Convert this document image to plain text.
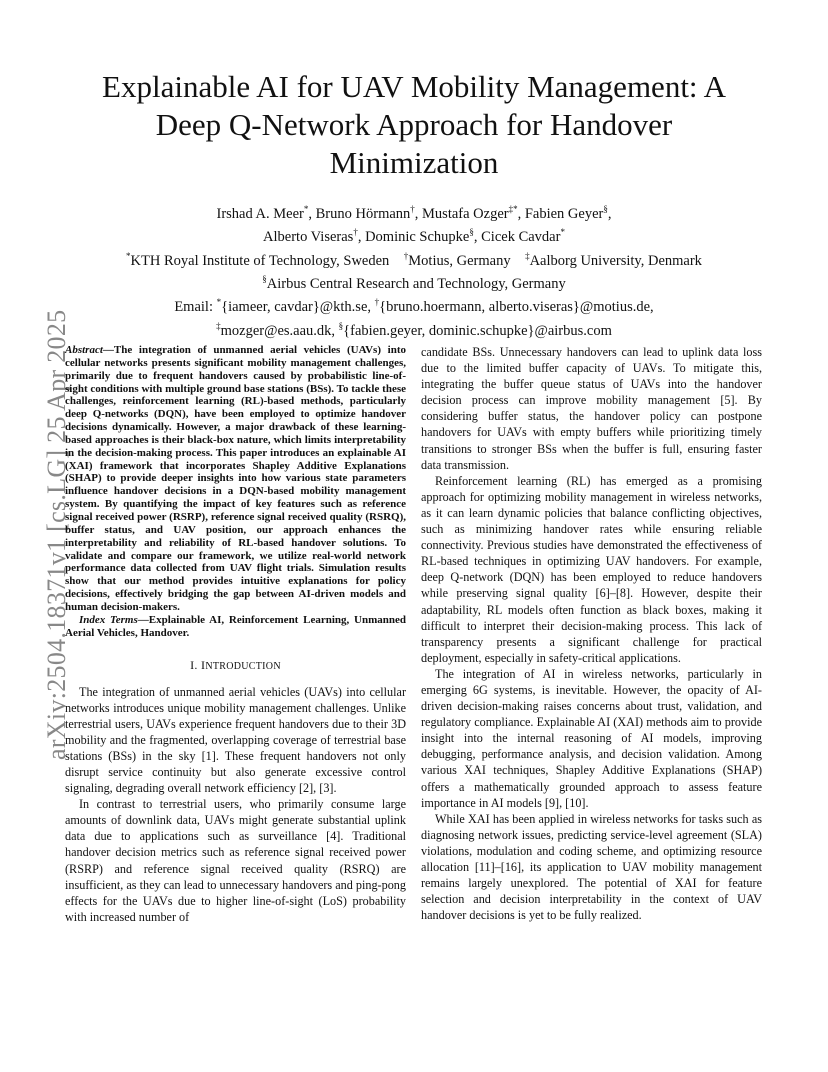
arXiv:2504.18371v1 [cs.LG] 25 Apr 2025
Explainable AI for UAV Mobility Management: A Deep Q-Network Approach for Handover Minimization
Irshad A. Meer*, Bruno Hörmann†, Mustafa Ozger‡*, Fabien Geyer§,
Alberto Viseras†, Dominic Schupke§, Cicek Cavdar*
*KTH Royal Institute of Technology, Sweden †Motius, Germany ‡Aalborg University, Denmark
§Airbus Central Research and Technology, Germany
Email: *{iameer, cavdar}@kth.se, †{bruno.hoermann, alberto.viseras}@motius.de,
‡mozger@es.aau.dk, §{fabien.geyer, dominic.schupke}@airbus.com

Abstract—The integration of unmanned aerial vehicles (UAVs) into cellular networks presents significant mobility management challenges, primarily due to frequent handovers caused by probabilistic line-of-sight conditions with multiple ground base stations (BSs). To tackle these challenges, reinforcement learning (RL)-based methods, particularly deep Q-networks (DQN), have been employed to optimize handover decisions dynamically. However, a major drawback of these learning-based approaches is their black-box nature, which limits interpretability in the decision-making process. This paper introduces an explainable AI (XAI) framework that incorporates Shapley Additive Explanations (SHAP) to provide deeper insights into how various state parameters influence handover decisions in a DQN-based mobility management system. By quantifying the impact of key features such as reference signal received power (RSRP), reference signal received quality (RSRQ), buffer status, and UAV position, our approach enhances the interpretability and reliability of RL-based handover solutions. To validate and compare our framework, we utilize real-world network performance data collected from UAV flight trials. Simulation results show that our method provides intuitive explanations for policy decisions, effectively bridging the gap between AI-driven models and human decision-makers.

Index Terms—Explainable AI, Reinforcement Learning, Unmanned Aerial Vehicles, Handover.

I. INTRODUCTION

The integration of unmanned aerial vehicles (UAVs) into cellular networks introduces unique mobility management challenges. Unlike terrestrial users, UAVs experience frequent handovers due to their 3D mobility and the fragmented, overlapping coverage of terrestrial base stations (BSs) in the sky [1]. These frequent handovers not only disrupt service continuity but also generate excessive control signaling, degrading overall network efficiency [2], [3].

In contrast to terrestrial users, who primarily consume large amounts of downlink data, UAVs might generate substantial uplink data due to applications such as surveillance [4]. Traditional handover decision metrics such as reference signal received power (RSRP) and reference signal received quality (RSRQ) are insufficient, as they can lead to unnecessary handovers and ping-pong effects for the UAVs due to higher line-of-sight (LoS) probability with increased number of

candidate BSs. Unnecessary handovers can lead to uplink data loss due to the limited buffer capacity of UAVs. To mitigate this, integrating the buffer queue status of UAVs into the handover decision process can improve mobility management [5]. By considering buffer status, the handover policy can postpone handovers for UAVs with empty buffers while prioritizing timely transitions to stronger BSs when the buffer is full, ensuring faster data transmission.

Reinforcement learning (RL) has emerged as a promising approach for optimizing mobility management in wireless networks, as it can learn dynamic policies that balance conflicting objectives, such as minimizing handover rates while ensuring reliable connectivity. Previous studies have demonstrated the effectiveness of RL-based techniques in optimizing UAV handovers. For example, deep Q-network (DQN) has been employed to reduce handovers while preserving signal quality [6]–[8]. However, despite their adaptability, RL models often function as black boxes, making it difficult to interpret their decision-making process. This lack of transparency presents a significant challenge for practical deployment, especially in safety-critical applications.

The integration of AI in wireless networks, particularly in emerging 6G systems, is inevitable. However, the opacity of AI-driven decision-making raises concerns about trust, validation, and regulatory compliance. Explainable AI (XAI) methods aim to provide insight into the internal reasoning of AI models, improving debugging, performance analysis, and decision validation. Among various XAI techniques, Shapley Additive Explanations (SHAP) offers a mathematically grounded approach to assess feature importance in AI models [9], [10].

While XAI has been applied in wireless networks for tasks such as diagnosing network issues, predicting service-level agreement (SLA) violations, modulation and coding scheme, and optimizing resource allocation [11]–[16], its application to UAV mobility management remains largely unexplored. The potential of XAI for feature selection and decision interpretability in the context of UAV handover decisions is yet to be fully realized.
